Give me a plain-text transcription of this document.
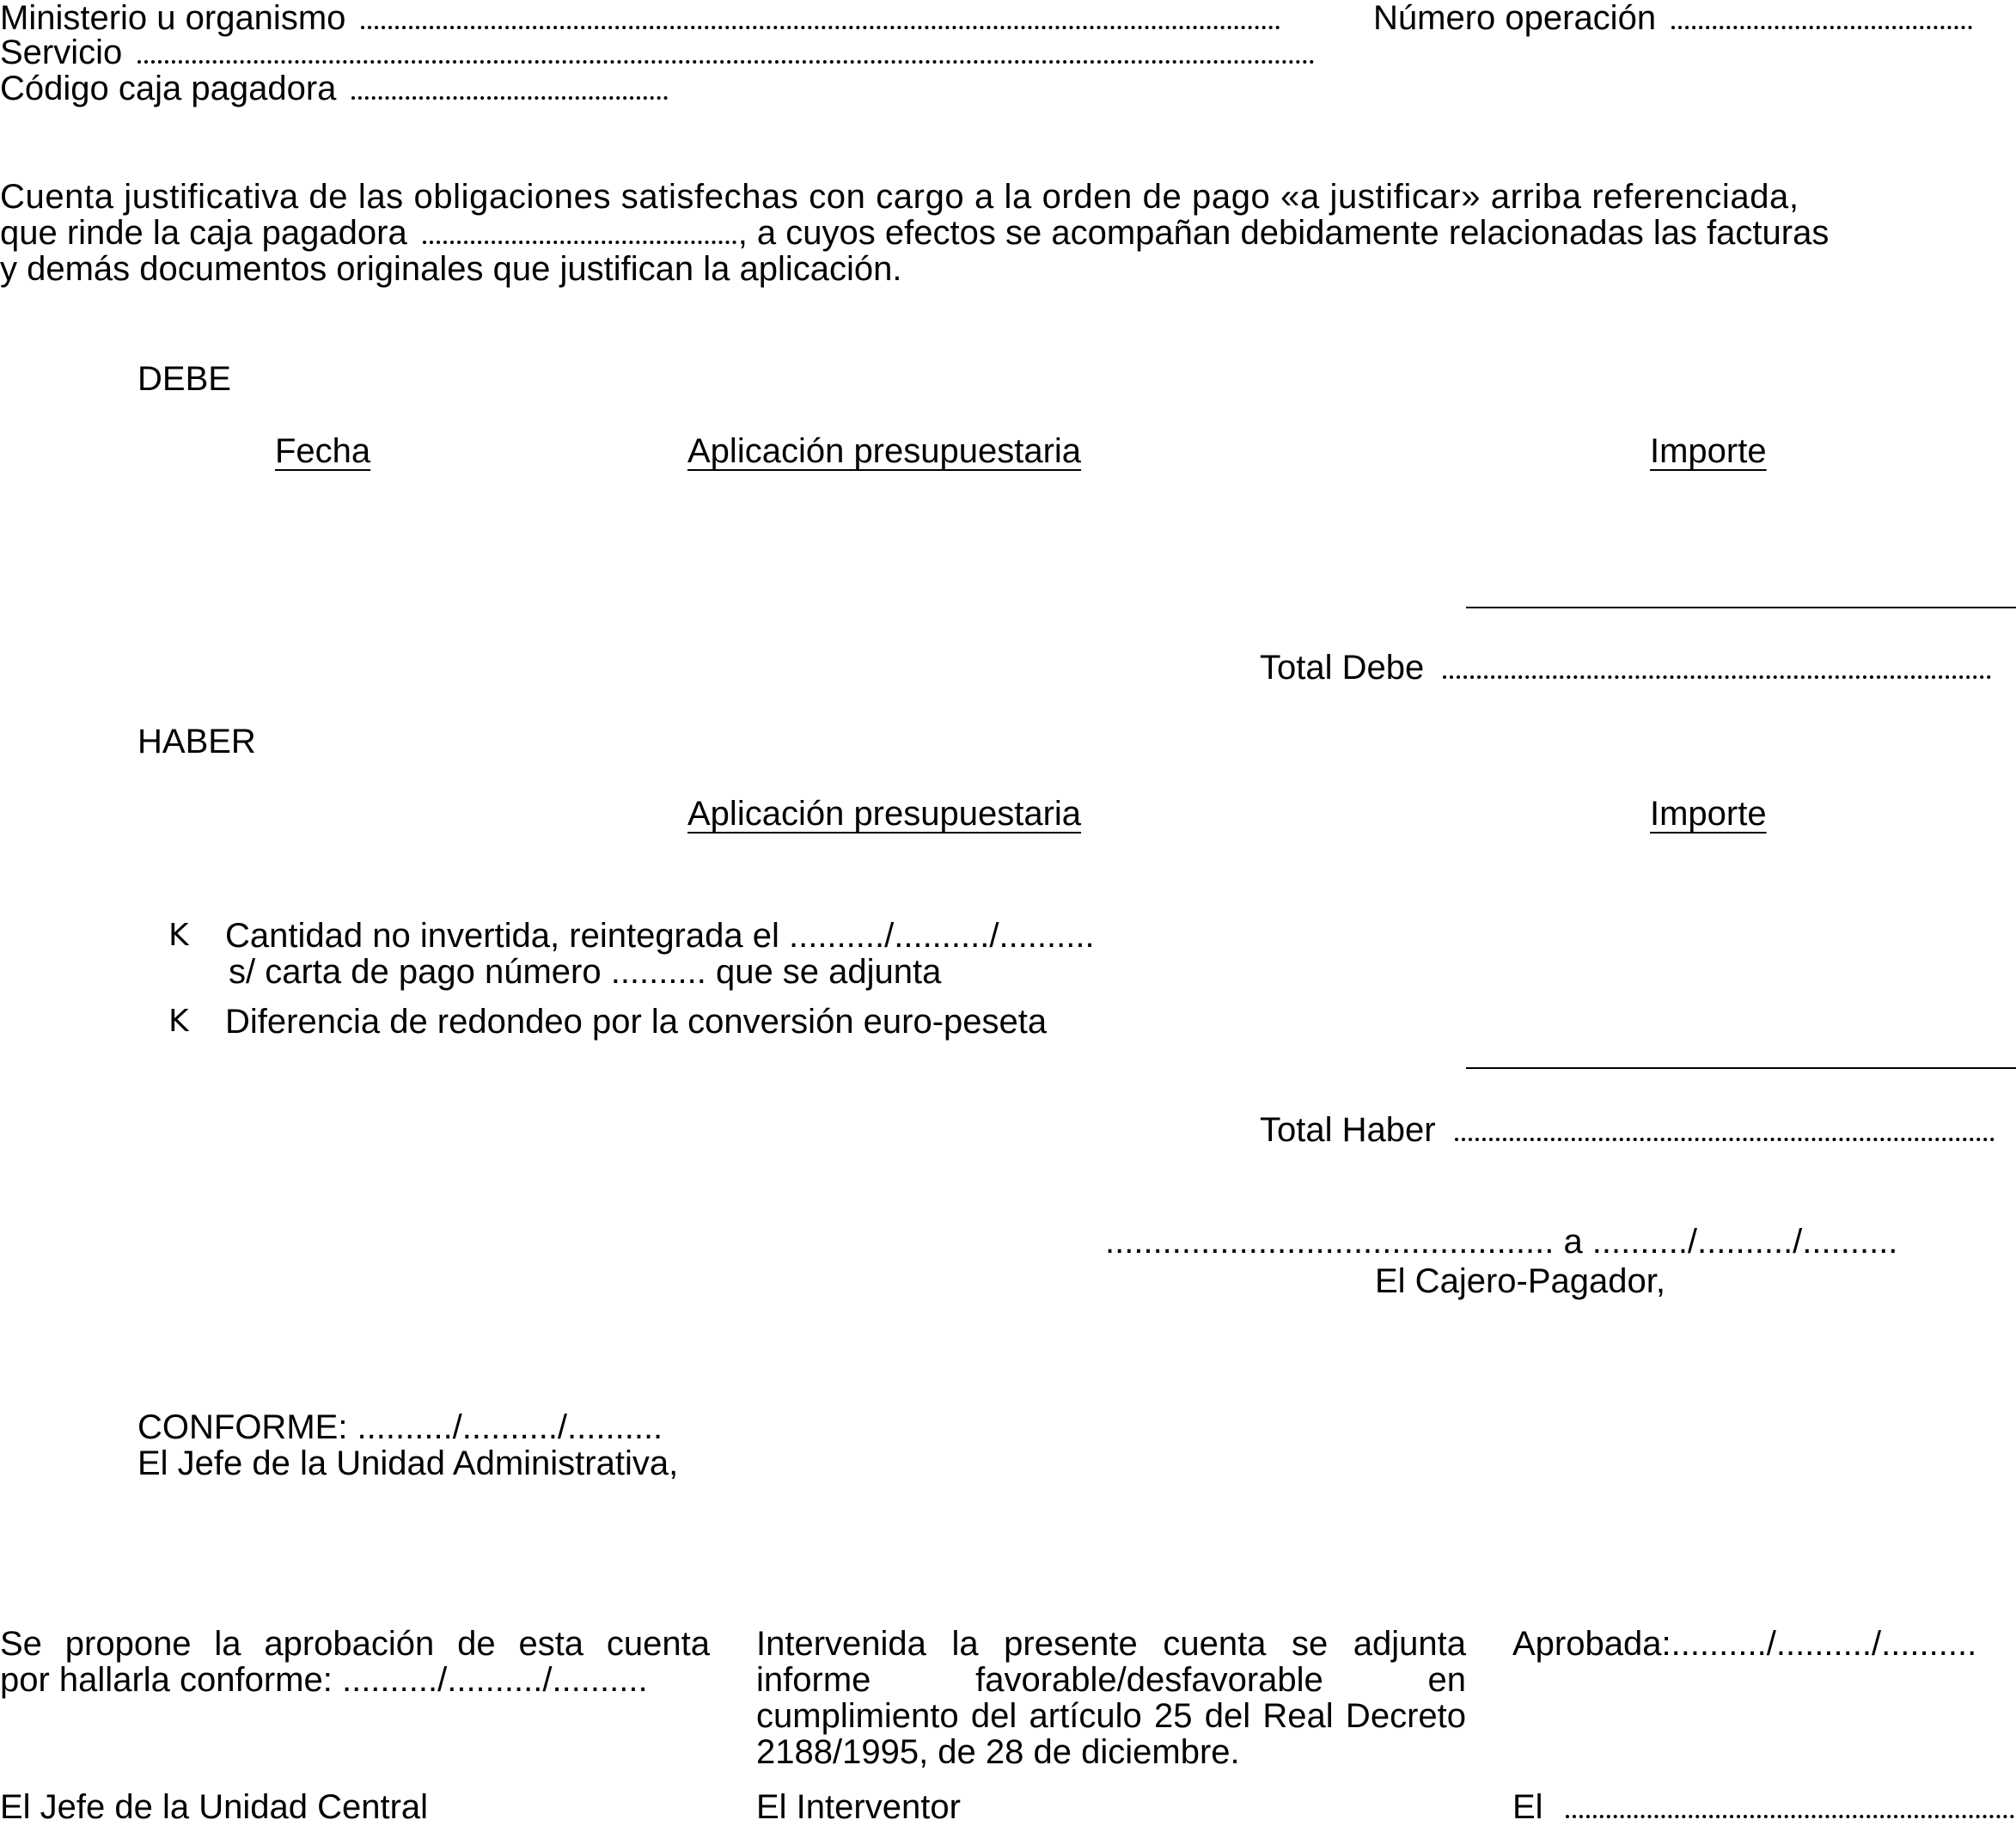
Ministerio u organismo	Número operación
Servicio
Código caja pagadora
Cuenta justificativa de las obligaciones satisfechas con cargo a la orden de pago «a justificar» arriba referenciada,
que rinde la caja pagadora	, a cuyos efectos se acompañan debidamente relacionadas las facturas
y demás documentos originales que justifican la aplicación.
DEBE
Fecha	Aplicación presupuestaria	Importe
Total Debe
HABER
Aplicación presupuestaria	Importe
K Cantidad no invertida, reintegrada el ........../........../..........
s/ carta de pago número .......... que se adjunta
K Diferencia de redondeo por la conversión euro-peseta
Total Haber
............................................... a ........../........../..........
El Cajero-Pagador,
CONFORME: ........../........../..........
El Jefe de la Unidad Administrativa,
Se propone la aprobación de esta cuenta
por hallarla conforme: ........../........../..........
El Jefe de la Unidad Central
Intervenida la presente cuenta se adjunta informe favorable/desfavorable en cumplimiento del artículo 25 del Real Decreto 2188/1995, de 28 de diciembre.
El Interventor
Aprobada:........../........../..........
El
